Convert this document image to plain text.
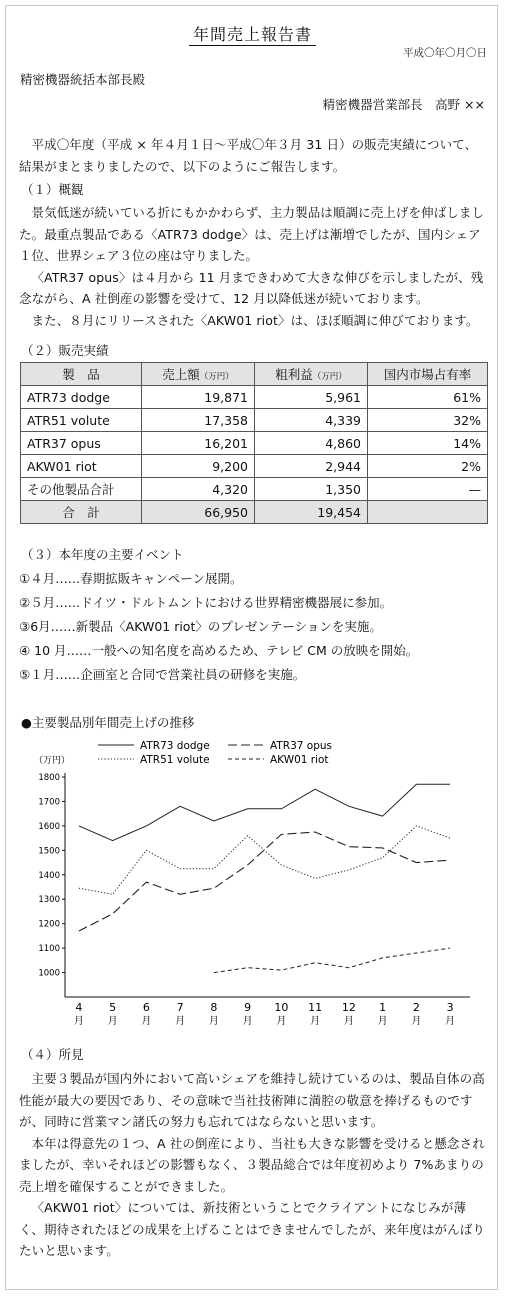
年間売上報告書
平成〇年〇月〇日
精密機器統括本部長殿
精密機器営業部長　高野 ××
平成〇年度（平成 × 年４月１日〜平成〇年３月 31 日）の販売実績について、
結果がまとまりましたので、以下のようにご報告します。
（１）概観
景気低迷が続いている折にもかかわらず、主力製品は順調に売上げを伸ばしました。最重点製品である〈ATR73 dodge〉は、売上げは漸増でしたが、国内シェア１位、世界シェア３位の座は守りました。
〈ATR37 opus〉は４月から 11 月まできわめて大きな伸びを示しましたが、残念ながら、A 社倒産の影響を受けて、12 月以降低迷が続いております。
また、８月にリリースされた〈AKW01 riot〉は、ほぼ順調に伸びております。
（２）販売実績
製　品	売上額（万円）	粗利益（万円）	国内市場占有率
ATR73 dodge	19,871	5,961	61%
ATR51 volute	17,358	4,339	32%
ATR37 opus	16,201	4,860	14%
AKW01 riot	9,200	2,944	2%
その他製品合計	4,320	1,350	—
合　計	66,950	19,454	
（３）本年度の主要イベント
①４月……春期拡販キャンペーン展開。
②５月……ドイツ・ドルトムントにおける世界精密機器展に参加。
③6月……新製品〈AKW01 riot〉のプレゼンテーションを実施。
④ 10 月……一般への知名度を高めるため、テレビ CM の放映を開始。
⑤１月……企画室と合同で営業社員の研修を実施。
●主要製品別年間売上げの推移
（万円）
1000
1100
1200
1300
1400
1500
1600
1700
1800
4
月
5
月
6
月
7
月
8
月
9
月
10
月
11
月
12
月
1
月
2
月
3
月
ATR73 dodge	ATR37 opus
ATR51 volute	AKW01 riot
（４）所見
主要３製品が国内外において高いシェアを維持し続けているのは、製品自体の高性能が最大の要因であり、その意味で当社技術陣に満腔の敬意を捧げるものですが、同時に営業マン諸氏の努力も忘れてはならないと思います。
本年は得意先の１つ、A 社の倒産により、当社も大きな影響を受けると懸念されましたが、幸いそれほどの影響もなく、３製品総合では年度初めより 7%あまりの売上増を確保することができました。
〈AKW01 riot〉については、新技術ということでクライアントになじみが薄く、期待されたほどの成果を上げることはできませんでしたが、来年度はがんばりたいと思います。
